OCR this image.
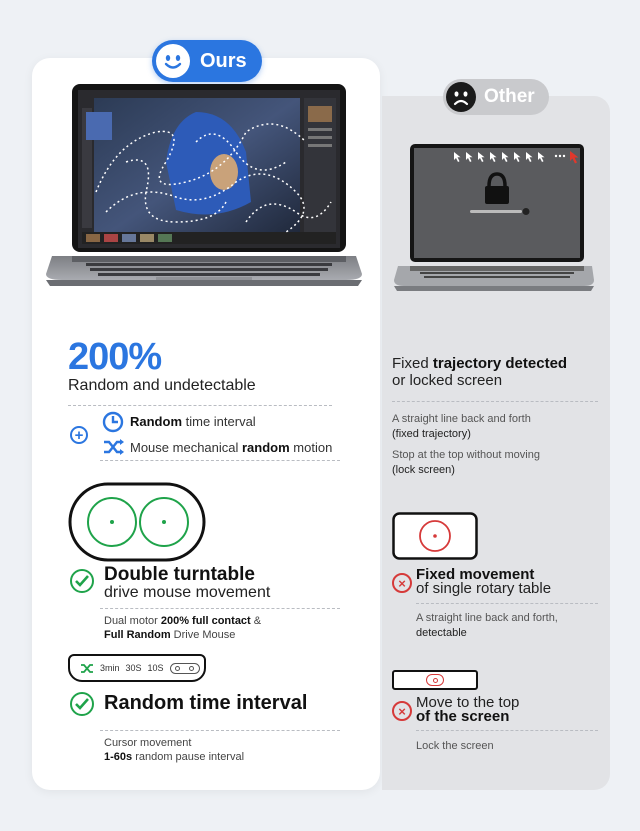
Ours
Other
200%
Random and undetectable
+
Random time interval
Mouse mechanical random motion
Double turntable
drive mouse movement
Dual motor 200% full contact &
Full Random Drive Mouse
3min 30S 10S
Random time interval
Cursor movement
1-60s random pause interval
Fixed trajectory detected
or locked screen
A straight line back and forth
(fixed trajectory)
Stop at the top without moving
(lock screen)
× Fixed movement
of single rotary table
A straight line back and forth,
detectable
× Move to the top
of the screen
Lock the screen
